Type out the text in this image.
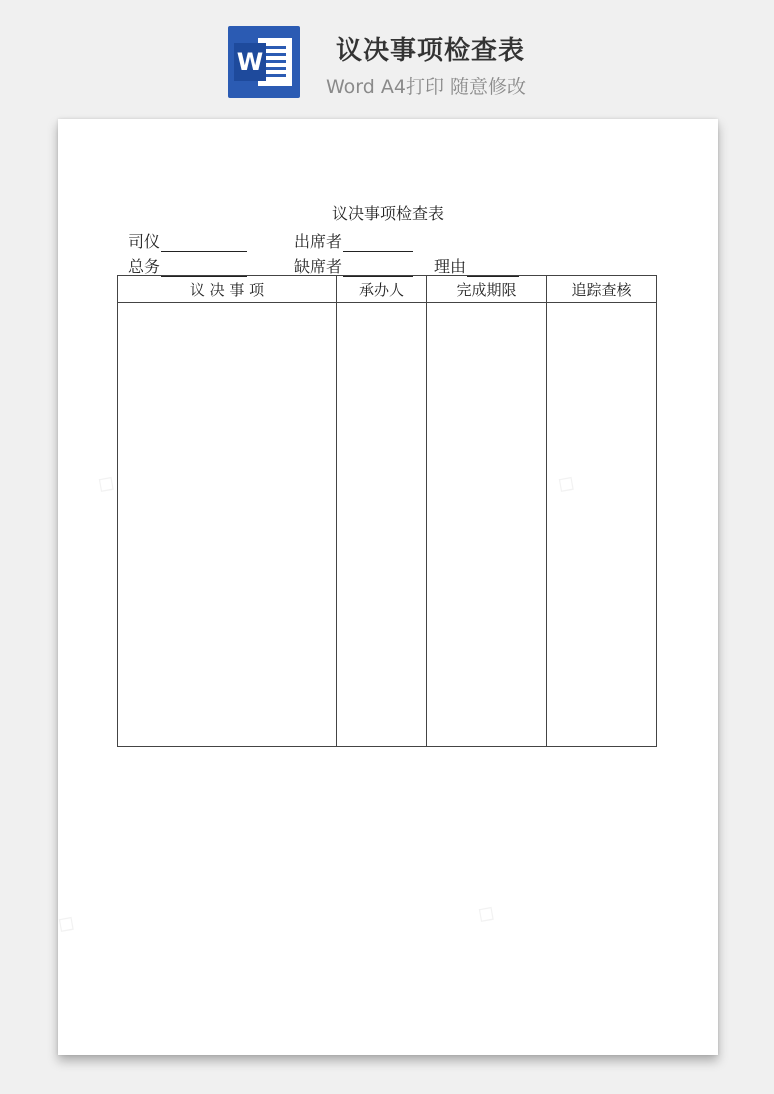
W	议决事项检查表
Word A4打印 随意修改
◇	◇
◇
◇
议决事项检查表
司仪	出席者
总务	缺席者	理由
议 决 事 项	承办人	完成期限	追踪查核
